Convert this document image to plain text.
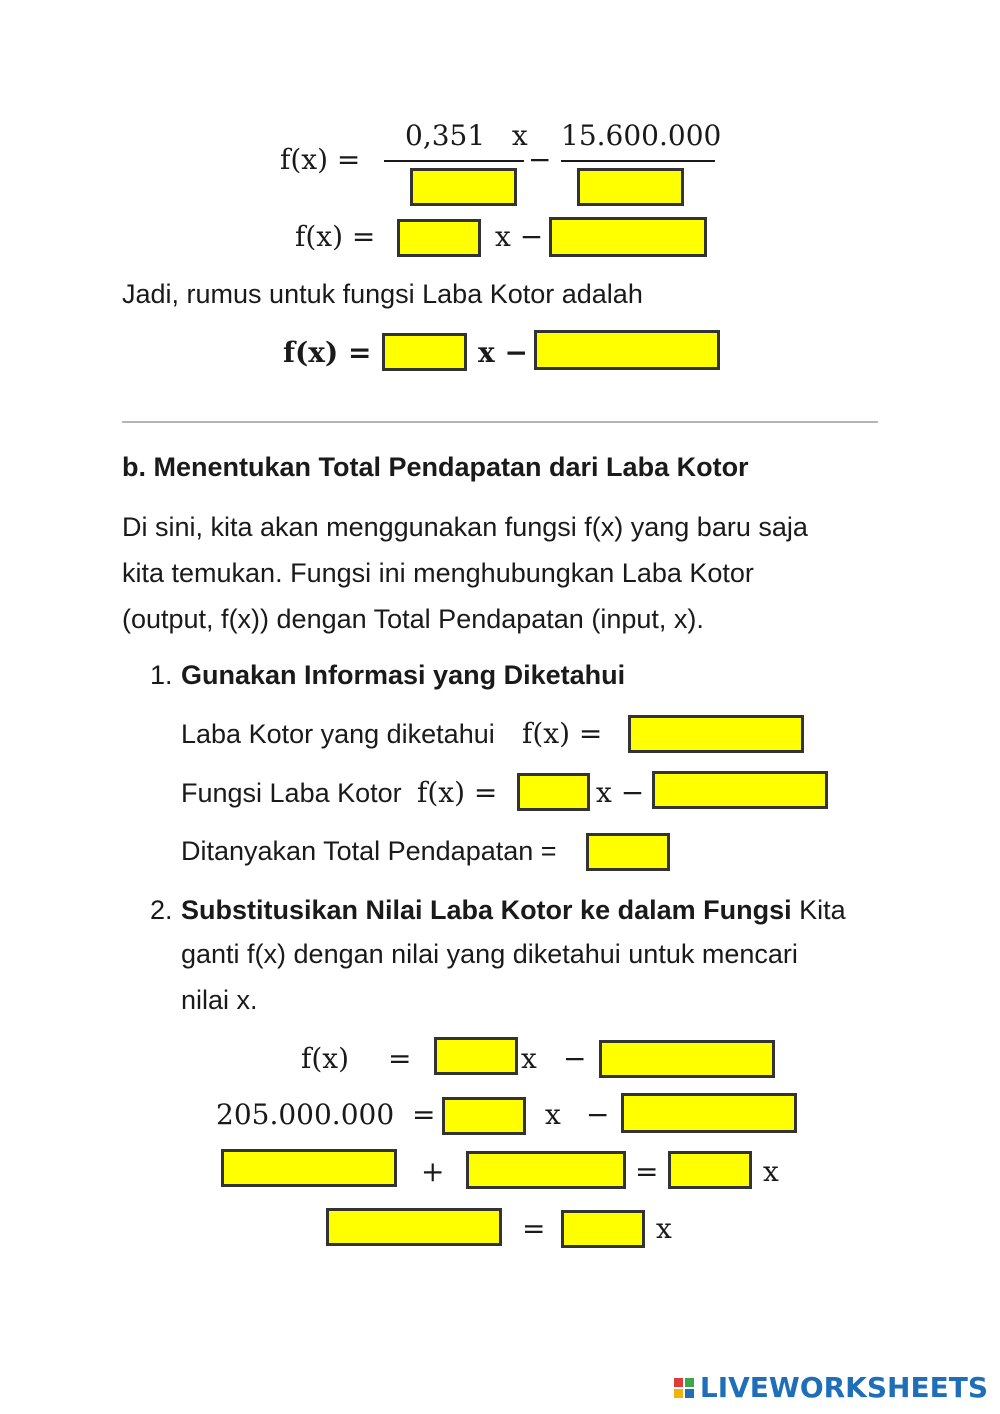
f(x) =
0,351   x
−
15.600.000
f(x) =	x −
Jadi, rumus untuk fungsi Laba Kotor adalah
f(x) =	x −
b. Menentukan Total Pendapatan dari Laba Kotor
Di sini, kita akan menggunakan fungsi f(x) yang baru saja
kita temukan. Fungsi ini menghubungkan Laba Kotor
(output, f(x)) dengan Total Pendapatan (input, x).
1. Gunakan Informasi yang Diketahui
Laba Kotor yang diketahui f(x) =
Fungsi Laba Kotor f(x) =	x −
Ditanyakan Total Pendapatan =
2. Substitusikan Nilai Laba Kotor ke dalam Fungsi Kita
ganti f(x) dengan nilai yang diketahui untuk mencari
nilai x.
f(x) =	x −
205.000.000 =	x −
+	=	x
=	x
LIVEWORKSHEETS
